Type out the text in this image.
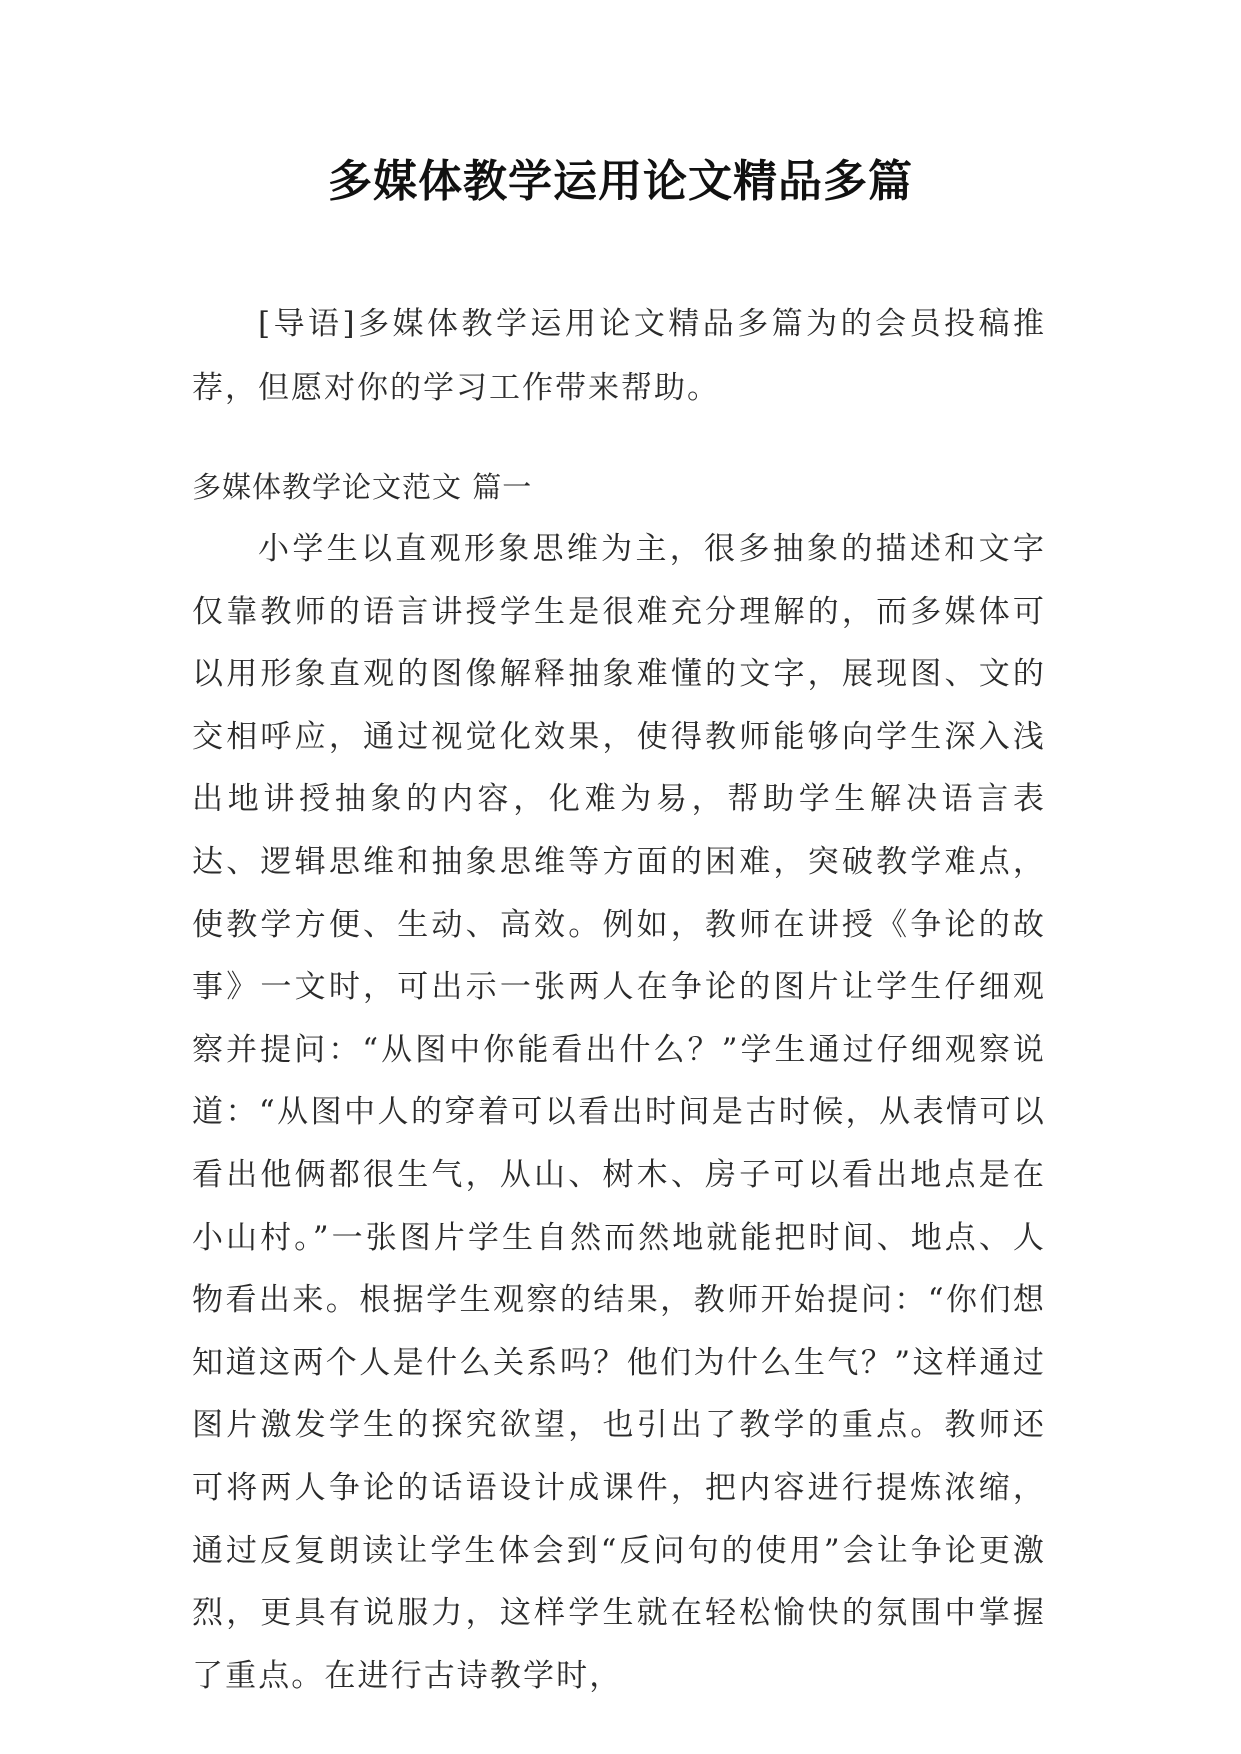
多媒体教学运用论文精品多篇

[导语]多媒体教学运用论文精品多篇为的会员投稿推荐，但愿对你的学习工作带来帮助。

多媒体教学论文范文 篇一

小学生以直观形象思维为主，很多抽象的描述和文字仅靠教师的语言讲授学生是很难充分理解的，而多媒体可以用形象直观的图像解释抽象难懂的文字，展现图、文的交相呼应，通过视觉化效果，使得教师能够向学生深入浅出地讲授抽象的内容，化难为易，帮助学生解决语言表达、逻辑思维和抽象思维等方面的困难，突破教学难点，使教学方便、生动、高效。例如，教师在讲授《争论的故事》一文时，可出示一张两人在争论的图片让学生仔细观察并提问：“从图中你能看出什么？”学生通过仔细观察说道：“从图中人的穿着可以看出时间是古时候，从表情可以看出他俩都很生气，从山、树木、房子可以看出地点是在小山村。”一张图片学生自然而然地就能把时间、地点、人物看出来。根据学生观察的结果，教师开始提问：“你们想知道这两个人是什么关系吗？他们为什么生气？”这样通过图片激发学生的探究欲望，也引出了教学的重点。教师还可将两人争论的话语设计成课件，把内容进行提炼浓缩，通过反复朗读让学生体会到“反问句的使用”会让争论更激烈，更具有说服力，这样学生就在轻松愉快的氛围中掌握了重点。在进行古诗教学时，
